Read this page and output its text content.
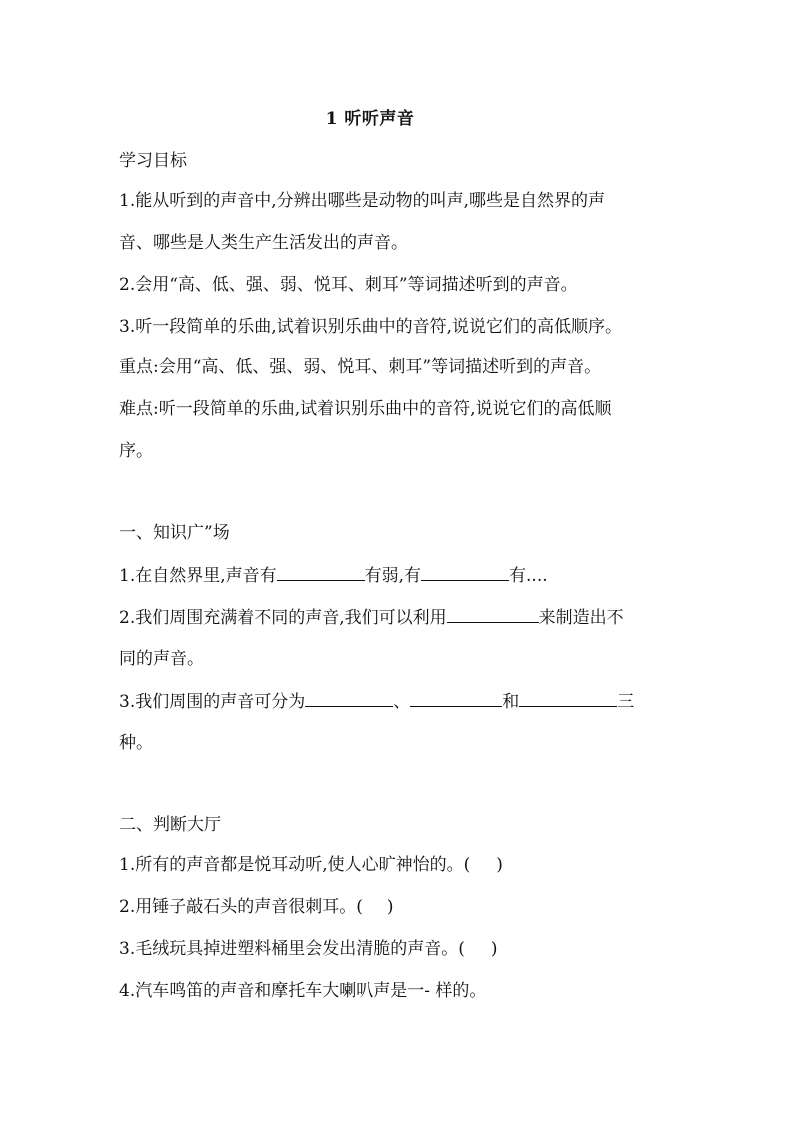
1 听听声音
学习目标
1.能从听到的声音中,分辨出哪些是动物的叫声,哪些是自然界的声
音、哪些是人类生产生活发出的声音。
2.会用“高、低、强、弱、悦耳、刺耳”等词描述听到的声音。
3.听一段简单的乐曲,试着识别乐曲中的音符,说说它们的高低顺序。
重点:会用“高、低、强、弱、悦耳、刺耳”等词描述听到的声音。
难点:听一段简单的乐曲,试着识别乐曲中的音符,说说它们的高低顺
序。
一、知识广”场
1.在自然界里,声音有	有弱,有	有....
2.我们周围充满着不同的声音,我们可以利用	来制造出不
同的声音。
3.我们周围的声音可分为	、	和	三
种。
二、判断大厅
1.所有的声音都是悦耳动听,使人心旷神怡的。( )
2.用锤子敲石头的声音很刺耳。( )
3.毛绒玩具掉进塑料桶里会发出清脆的声音。( )
4.汽车鸣笛的声音和摩托车大喇叭声是一- 样的。
